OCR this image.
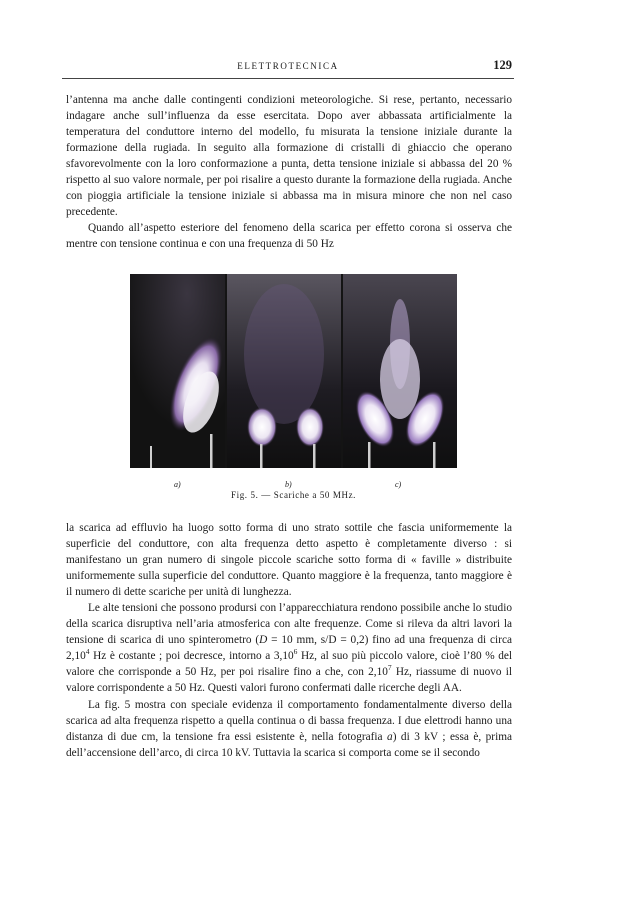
ELETTROTECNICA	129

l’antenna ma anche dalle contingenti condizioni meteorologiche. Si rese, pertanto, necessario indagare anche sull’influenza da esse esercitata. Dopo aver abbassata artificialmente la temperatura del conduttore interno del modello, fu misurata la tensione iniziale durante la formazione della rugiada. In seguito alla formazione di cristalli di ghiaccio che operano sfavorevolmente con la loro conformazione a punta, detta tensione iniziale si abbassa del 20 % rispetto al suo valore normale, per poi risalire a questo durante la formazione della rugiada. Anche con pioggia artificiale la tensione iniziale si abbassa ma in misura minore che non nel caso precedente.

Quando all’aspetto esteriore del fenomeno della scarica per effetto corona si osserva che mentre con tensione continua e con una frequenza di 50 Hz

a)	b)	c)
Fig. 5. — Scariche a 50 MHz.

la scarica ad effluvio ha luogo sotto forma di uno strato sottile che fascia uniformemente la superficie del conduttore, con alta frequenza detto aspetto è completamente diverso : si manifestano un gran numero di singole piccole scariche sotto forma di « faville » distribuite uniformemente sulla superficie del conduttore. Quanto maggiore è la frequenza, tanto maggiore è il numero di dette scariche per unità di lunghezza.

Le alte tensioni che possono prodursi con l’apparecchiatura rendono possibile anche lo studio della scarica disruptiva nell’aria atmosferica con alte frequenze. Come si rileva da altri lavori la tensione di scarica di uno spinterometro (D = 10 mm, s/D = 0,2) fino ad una frequenza di circa 2,10$^4$ Hz è costante ; poi decresce, intorno a 3,10$^6$ Hz, al suo più piccolo valore, cioè l’80 % del valore che corrisponde a 50 Hz, per poi risalire fino a che, con 2,10$^7$ Hz, riassume di nuovo il valore corrispondente a 50 Hz. Questi valori furono confermati dalle ricerche degli AA.

La fig. 5 mostra con speciale evidenza il comportamento fondamentalmente diverso della scarica ad alta frequenza rispetto a quella continua o di bassa frequenza. I due elettrodi hanno una distanza di due cm, la tensione fra essi esistente è, nella fotografia a) di 3 kV ; essa è, prima dell’accensione dell’arco, di circa 10 kV. Tuttavia la scarica si comporta come se il secondo
